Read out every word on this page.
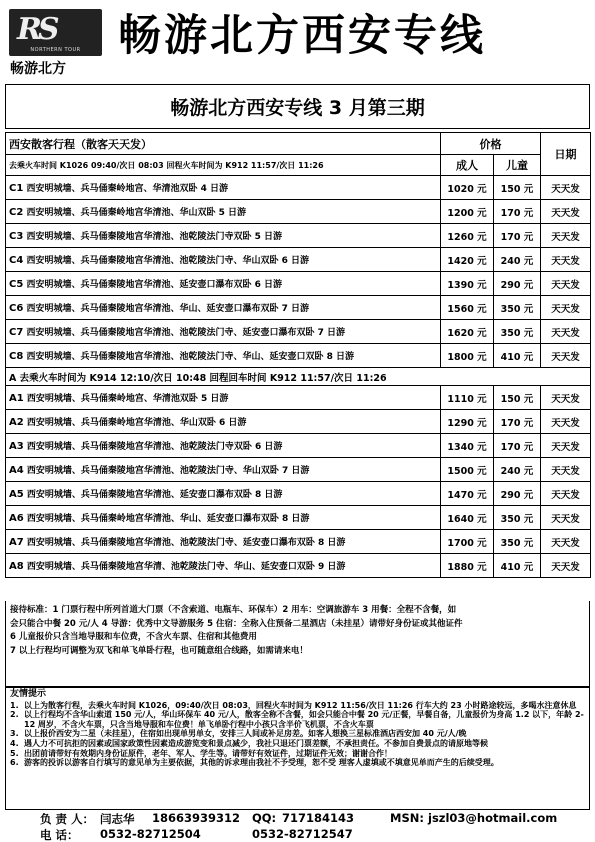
RS
NORTHERN TOUR
畅游北方
畅游北方西安专线
畅游北方西安专线 3 月第三期
西安散客行程（散客天天发）	价格		日期
	成人	儿童	
去乘火车时间 K1026 09:40/次日 08:03 回程火车时间为 K912 11:57/次日 11:26			
C1 西安明城墙、兵马俑秦岭地宫、华清池双卧 4 日游	1020 元	150 元	天天发
C2 西安明城墙、兵马俑秦岭地宫华清池、华山双卧 5 日游	1200 元	170 元	天天发
C3 西安明城墙、兵马俑秦陵地宫华清池、池乾陵法门寺双卧 5 日游	1260 元	170 元	天天发
C4 西安明城墙、兵马俑秦陵地宫华清池、池乾陵法门寺、华山双卧 6 日游	1420 元	240 元	天天发
C5 西安明城墙、兵马俑秦陵地宫华清池、延安壶口瀑布双卧 6 日游	1390 元	290 元	天天发
C6 西安明城墙、兵马俑秦陵地宫华清池、华山、延安壶口瀑布双卧 7 日游	1560 元	350 元	天天发
C7 西安明城墙、兵马俑秦陵地宫华清池、池乾陵法门寺、延安壶口瀑布双卧 7 日游	1620 元	350 元	天天发
C8 西安明城墙、兵马俑秦陵地宫华清池、池乾陵法门寺、华山、延安壶口双卧 8 日游	1800 元	410 元	天天发
A 去乘火车时间为 K914 12:10/次日 10:48 回程回车时间 K912 11:57/次日 11:26			
A1 西安明城墙、兵马俑秦岭地宫、华清池双卧 5 日游	1110 元	150 元	天天发
A2 西安明城墙、兵马俑秦岭地宫华清池、华山双卧 6 日游	1290 元	170 元	天天发
A3 西安明城墙、兵马俑秦陵地宫华清池、池乾陵法门寺双卧 6 日游	1340 元	170 元	天天发
A4 西安明城墙、兵马俑秦陵地宫华清池、池乾陵法门寺、华山双卧 7 日游	1500 元	240 元	天天发
A5 西安明城墙、兵马俑秦陵地宫华清池、延安壶口瀑布双卧 8 日游	1470 元	290 元	天天发
A6 西安明城墙、兵马俑秦岭地宫华清池、华山、延安壶口瀑布双卧 8 日游	1640 元	350 元	天天发
A7 西安明城墙、兵马俑秦陵地宫华清池、池乾陵法门寺、延安壶口瀑布双卧 8 日游	1700 元	350 元	天天发
A8 西安明城墙、兵马俑秦陵地宫华清、池乾陵法门寺、华山、延安壶口双卧 9 日游	1880 元	410 元	天天发
接待标准：1 门票行程中所列首道大门票（不含索道、电瓶车、环保车）2 用车：空调旅游车 3 用餐：全程不含餐，如
会只能合中餐 20 元/人 4 导游：优秀中文导游服务 5 住宿：全称入住预备二星酒店（未挂星）请带好身份证或其他证件
6 儿童报价只含当地导服和车位费，不含火车票、住宿和其他费用
7 以上行程均可调整为双飞和单飞单卧行程，也可随意组合线路，如需请来电！
友情提示
1. 以上为散客行程，去乘火车时间 K1026，09:40/次日 08:03，回程火车时间为 K912 11:56/次日 11:26 行车大约 23 小时路途较远，多喝水注意休息
2. 以上行程均不含华山索道 150 元/人，华山环保车 40 元/人，散客全称不含餐，如会只能合中餐 20 元/正餐，早餐自备，儿童报价为身高 1.2 以下，年龄 2-12 周岁，不含火车票，只含当地导服和车位费！单飞单卧行程中小孩只含半价飞机票，不含火车票
3. 以上报价西安为二星（未挂星），住宿如出现单男单女，安排三人间或补足房差。如客人想换三星标准酒店西安加 40 元/人/晚
4. 遇人力不可抗拒的因素或国家政策性因素造成游览变和景点减少，我社只退还门票差额，不承担责任。不参加自费景点的请原地等候
5. 出团前请带好有效期内身份证原件，老年、军人、学生等。请带好有效证件，过期证件无效；谢谢合作！
6. 游客的投诉以游客自行填写的意见单为主要依据，其他的诉求理由我社不予受理，恕不受 理客人虚填或不填意见单而产生的后续受理。
负 责 人： 闫志华 18663939312 QQ: 717184143	MSN: jszl03@hotmail.com
电 话： 0532-82712504	0532-82712547
